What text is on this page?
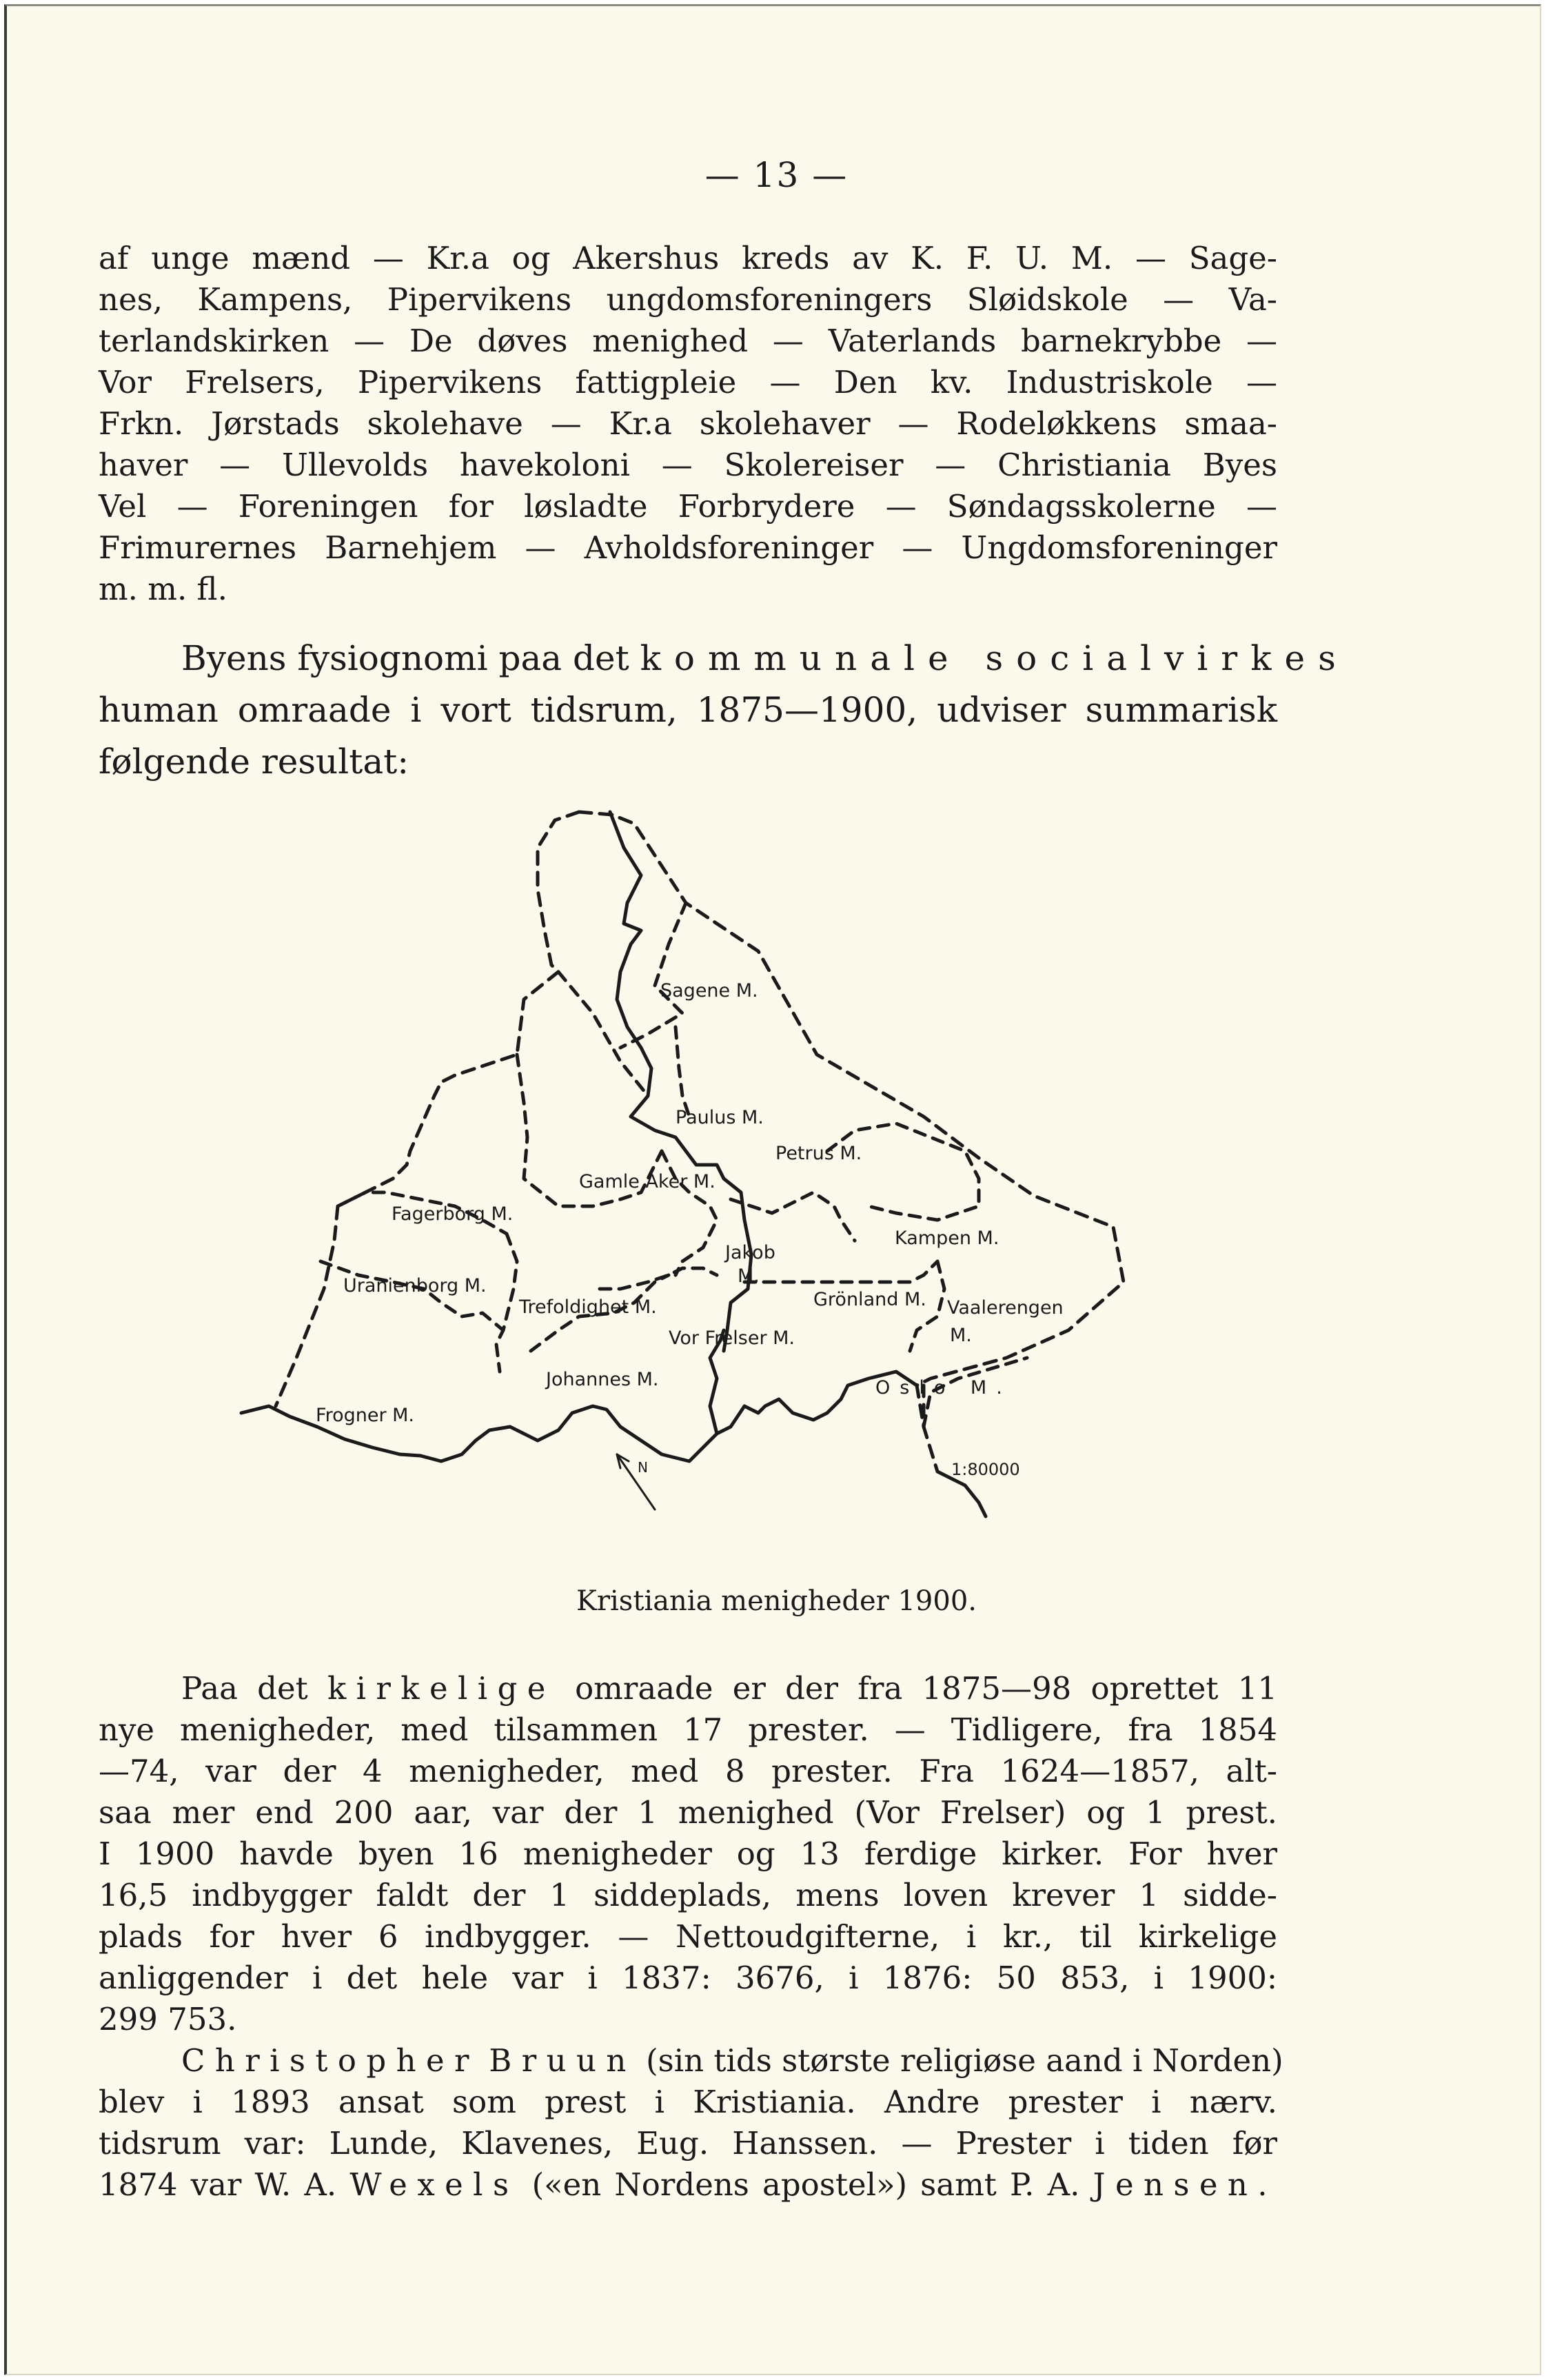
— 13 —
af unge mænd — Kr.a og Akershus kreds av K. F. U. M. — Sage-
nes, Kampens, Pipervikens ungdomsforeningers Sløidskole — Va-
terlandskirken — De døves menighed — Vaterlands barnekrybbe —
Vor Frelsers, Pipervikens fattigpleie — Den kv. Industriskole —
Frkn. Jørstads skolehave — Kr.a skolehaver — Rodeløkkens smaa-
haver — Ullevolds havekoloni — Skolereiser — Christiania Byes
Vel — Foreningen for løsladte Forbrydere — Søndagsskolerne —
Frimurernes Barnehjem — Avholdsforeninger — Ungdomsforeninger
m. m. fl.
Byens fysiognomi paa det kommunale socialvirkes
human omraade i vort tidsrum, 1875—1900, udviser summarisk
følgende resultat:
Sagene M.
Paulus M.
Petrus M.
Gamle Aker M.
Fagerborg M.
Kampen M.
Uranienborg M.
Jakob
M.
Trefoldighet M.	Grönland M. Vaalerengen
M.
Vor Frelser M.
Johannes M.	Oslo M.
Frogner M.
N	1:80000
Kristiania menigheder 1900.
Paa det kirkelige omraade er der fra 1875—98 oprettet 11
nye menigheder, med tilsammen 17 prester. — Tidligere, fra 1854
—74, var der 4 menigheder, med 8 prester. Fra 1624—1857, alt-
saa mer end 200 aar, var der 1 menighed (Vor Frelser) og 1 prest.
I 1900 havde byen 16 menigheder og 13 ferdige kirker. For hver
16,5 indbygger faldt der 1 siddeplads, mens loven krever 1 sidde-
plads for hver 6 indbygger. — Nettoudgifterne, i kr., til kirkelige
anliggender i det hele var i 1837: 3676, i 1876: 50 853, i 1900:
299 753.
Christopher Bruun (sin tids største religiøse aand i Norden)
blev i 1893 ansat som prest i Kristiania. Andre prester i nærv.
tidsrum var: Lunde, Klavenes, Eug. Hanssen. — Prester i tiden før
1874 var W. A. Wexels («en Nordens apostel») samt P. A. Jensen.
